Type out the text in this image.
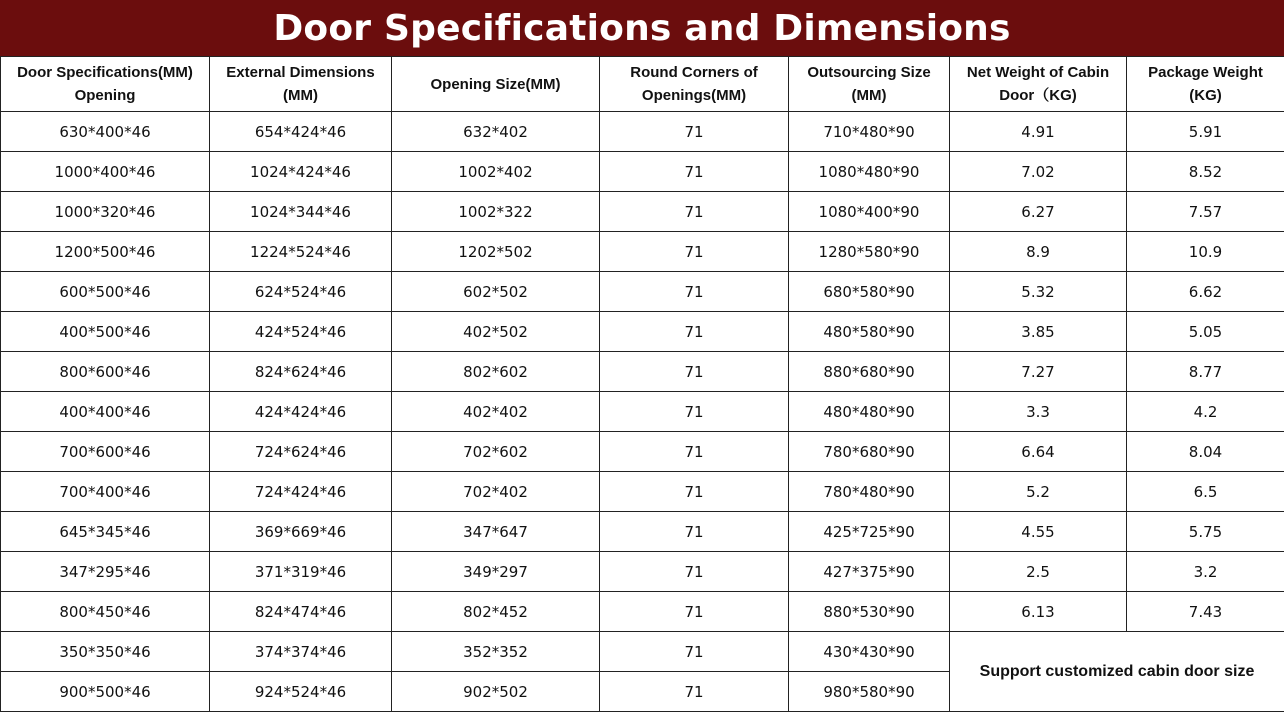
Door Specifications and Dimensions
Door Specifications(MM) Opening	External Dimensions (MM)	Opening Size(MM)	Round Corners of Openings(MM)	Outsourcing Size (MM)	Net Weight of Cabin Door（KG)	Package Weight (KG)
630*400*46	654*424*46	632*402	71	710*480*90	4.91	5.91
1000*400*46	1024*424*46	1002*402	71	1080*480*90	7.02	8.52
1000*320*46	1024*344*46	1002*322	71	1080*400*90	6.27	7.57
1200*500*46	1224*524*46	1202*502	71	1280*580*90	8.9	10.9
600*500*46	624*524*46	602*502	71	680*580*90	5.32	6.62
400*500*46	424*524*46	402*502	71	480*580*90	3.85	5.05
800*600*46	824*624*46	802*602	71	880*680*90	7.27	8.77
400*400*46	424*424*46	402*402	71	480*480*90	3.3	4.2
700*600*46	724*624*46	702*602	71	780*680*90	6.64	8.04
700*400*46	724*424*46	702*402	71	780*480*90	5.2	6.5
645*345*46	369*669*46	347*647	71	425*725*90	4.55	5.75
347*295*46	371*319*46	349*297	71	427*375*90	2.5	3.2
800*450*46	824*474*46	802*452	71	880*530*90	6.13	7.43
350*350*46	374*374*46	352*352	71	430*430*90	Support customized cabin door size	
900*500*46	924*524*46	902*502	71	980*580*90		
